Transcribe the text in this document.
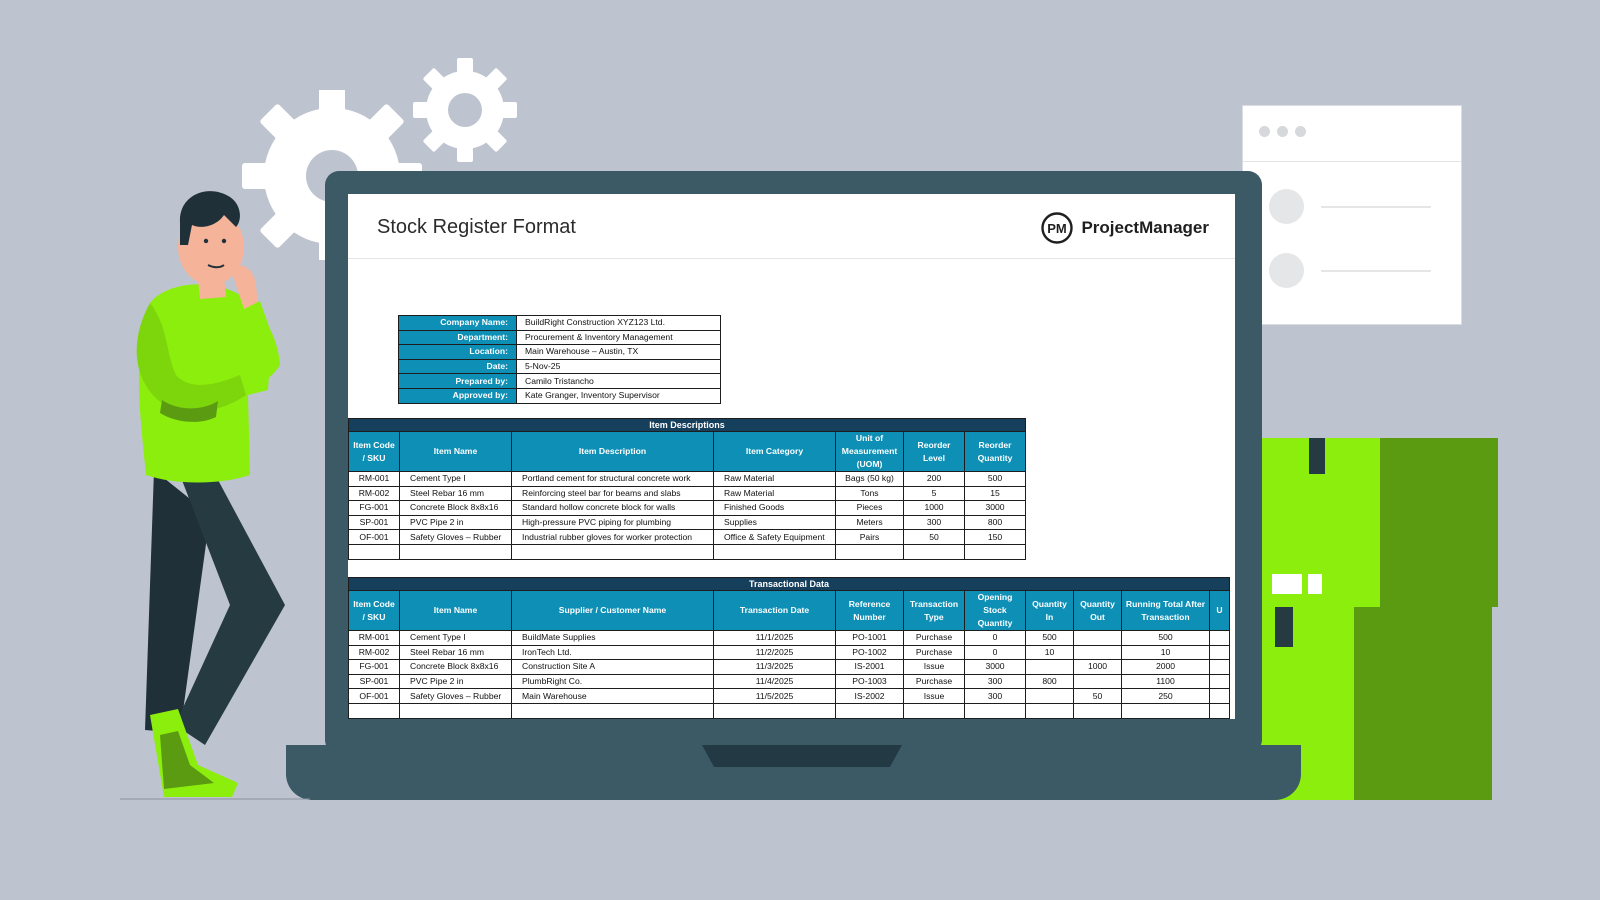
Stock Register Format	PM ProjectManager
Company Name:	BuildRight Construction XYZ123 Ltd.
Department:	Procurement & Inventory Management
Location:	Main Warehouse – Austin, TX
Date:	5-Nov-25
Prepared by:	Camilo Tristancho
Approved by:	Kate Granger, Inventory Supervisor
Item Descriptions						
Item Code / SKU	Item Name	Item Description	Item Category	Unit of Measurement (UOM)	Reorder Level	Reorder Quantity
RM-001	Cement Type I	Portland cement for structural concrete work	Raw Material	Bags (50 kg)	200	500
RM-002	Steel Rebar 16 mm	Reinforcing steel bar for beams and slabs	Raw Material	Tons	5	15
FG-001	Concrete Block 8x8x16	Standard hollow concrete block for walls	Finished Goods	Pieces	1000	3000
SP-001	PVC Pipe 2 in	High-pressure PVC piping for plumbing	Supplies	Meters	300	800
OF-001	Safety Gloves – Rubber	Industrial rubber gloves for worker protection	Office & Safety Equipment	Pairs	50	150

Transactional Data										
Item Code / SKU	Item Name	Supplier / Customer Name	Transaction Date	Reference Number	Transaction Type	Opening Stock Quantity	Quantity In	Quantity Out	Running Total After Transaction	U
RM-001	Cement Type I	BuildMate Supplies	11/1/2025	PO-1001	Purchase	0	500		500	
RM-002	Steel Rebar 16 mm	IronTech Ltd.	11/2/2025	PO-1002	Purchase	0	10		10	
FG-001	Concrete Block 8x8x16	Construction Site A	11/3/2025	IS-2001	Issue	3000		1000	2000	
SP-001	PVC Pipe 2 in	PlumbRight Co.	11/4/2025	PO-1003	Purchase	300	800		1100	
OF-001	Safety Gloves – Rubber	Main Warehouse	11/5/2025	IS-2002	Issue	300		50	250	
